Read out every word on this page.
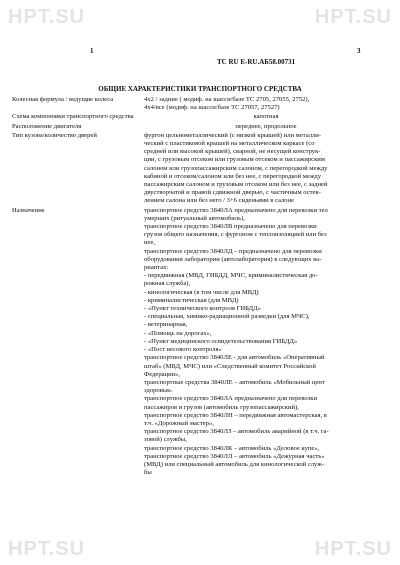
HPT.SU	HPT.SU
HPT.SU	HPT.SU
1	3
TC RU E-RU.AБ58.00731
ОБЩИЕ ХАРАКТЕРИСТИКИ ТРАНСПОРТНОГО СРЕДСТВА
Колесная формула / ведущие колеса	4x2 / задние ( модиф. на шасси/базе ТС 2705, 27055, 2752),
4x4/все (модиф. на шасси/базе ТС 27057, 27527)
Схема компоновки транспортного средства	капотная
Расположение двигателя	переднее, продольное
Тип кузова/количество дверей	фургон цельнометаллический (с низкой крышей) или металли-
ческий с пластиковой крышей на металлическом каркасе (со
средней или высокой крышей), сварной, не несущей конструк-
ции, с грузовым отсеком или грузовым отсеком и пассажирским
салоном или грузопассажирским салоном, с перегородкой между
кабиной и отсеком/салоном или без нее, с перегородкой между
пассажирским салоном и грузовым отсеком или без нее, с задней
двустворчатой и правой сдвижной дверью, с частичным остек-
лением салона или без него / 3+6 сиденьями в салоне
Назначение	транспортное средство 3840ЛА предназначено для перевозки тел
умерших (ритуальный автомобиль),
транспортное средство 3840ЛВ предназначено для перевозки
грузов общего назначения, с фургоном с теплоизоляцией или без
нее,
транспортное средство 3840ЛД – предназначено для перевозки
оборудования лаборатории (автолаборатория) в следующих ва-
риантах:
- передвижная (МВД, ГИБДД, МЧС, криминалистическая до-
рожная служба),
- кинологическая (в том числе для МВД)
- криминалистическая (для МВД)
- «Пункт технического контроля ГИБДД»
- специальная, химико-радиационной разведки (для МЧС),
- ветеринарная,
- «Помощь на дорогах»,
- «Пункт медицинского освидетельствования ГИБДД»
- «Пост весового контроля»
транспортное средство 3840ЛЕ - для автомобиль «Оперативный
штаб» (МВД, МЧС) или «Следственный комитет Российской
Федерации»,
транспортные средства 3840ЛЕ – автомобиль «Мобильный цент
здоровья»
транспортное средство 3840ЛА предназначено для перевозки
пассажиров и грузов (автомобиль грузопассажирский),
транспортное средство 3840ЛН – передвижная автомастерская, в
т.ч. «Дорожный мастер»,
транспортное средство 3840ЛЗ – автомобиль аварийной (в т.ч. га-
зовой) службы,
транспортное средство 3840ЛК – автомобиль «Деловое купе»,
транспортное средство 3840ЛЛ – автомобиль «Дежурная часть»
(МВД) или специальный автомобиль для кинологической служ-
бы
